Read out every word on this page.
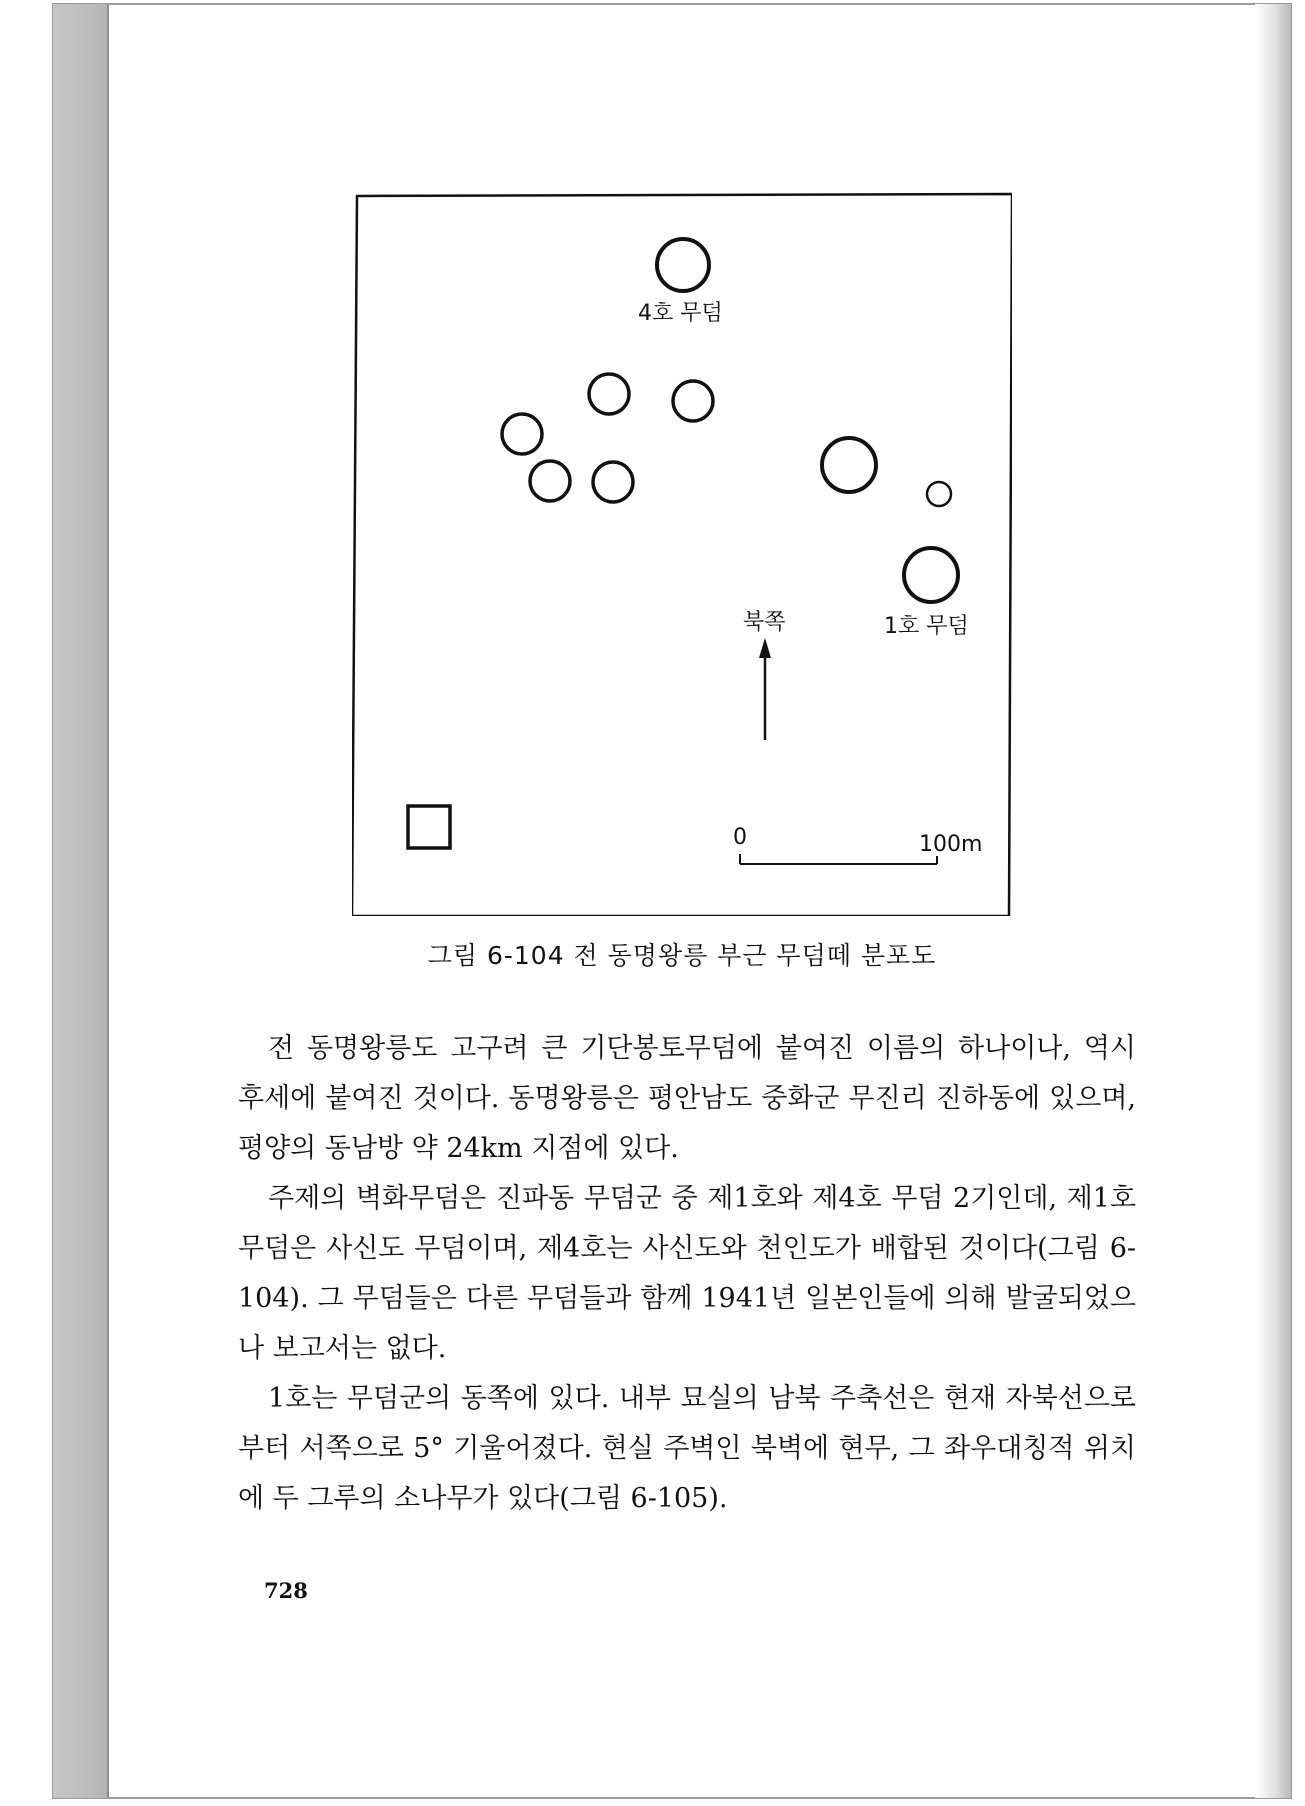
4호 무덤
1호 무덤
북쪽
0	100m
그림 6-104 전 동명왕릉 부근 무덤떼 분포도

전 동명왕릉도 고구려 큰 기단봉토무덤에 붙여진 이름의 하나이나, 역시 후세에 붙여진 것이다. 동명왕릉은 평안남도 중화군 무진리 진하동에 있으며, 평양의 동남방 약 24km 지점에 있다.

주제의 벽화무덤은 진파동 무덤군 중 제1호와 제4호 무덤 2기인데, 제1호 무덤은 사신도 무덤이며, 제4호는 사신도와 천인도가 배합된 것이다(그림 6-104). 그 무덤들은 다른 무덤들과 함께 1941년 일본인들에 의해 발굴되었으나 보고서는 없다.

1호는 무덤군의 동쪽에 있다. 내부 묘실의 남북 주축선은 현재 자북선으로부터 서쪽으로 5° 기울어졌다. 현실 주벽인 북벽에 현무, 그 좌우대칭적 위치에 두 그루의 소나무가 있다(그림 6-105).

728
